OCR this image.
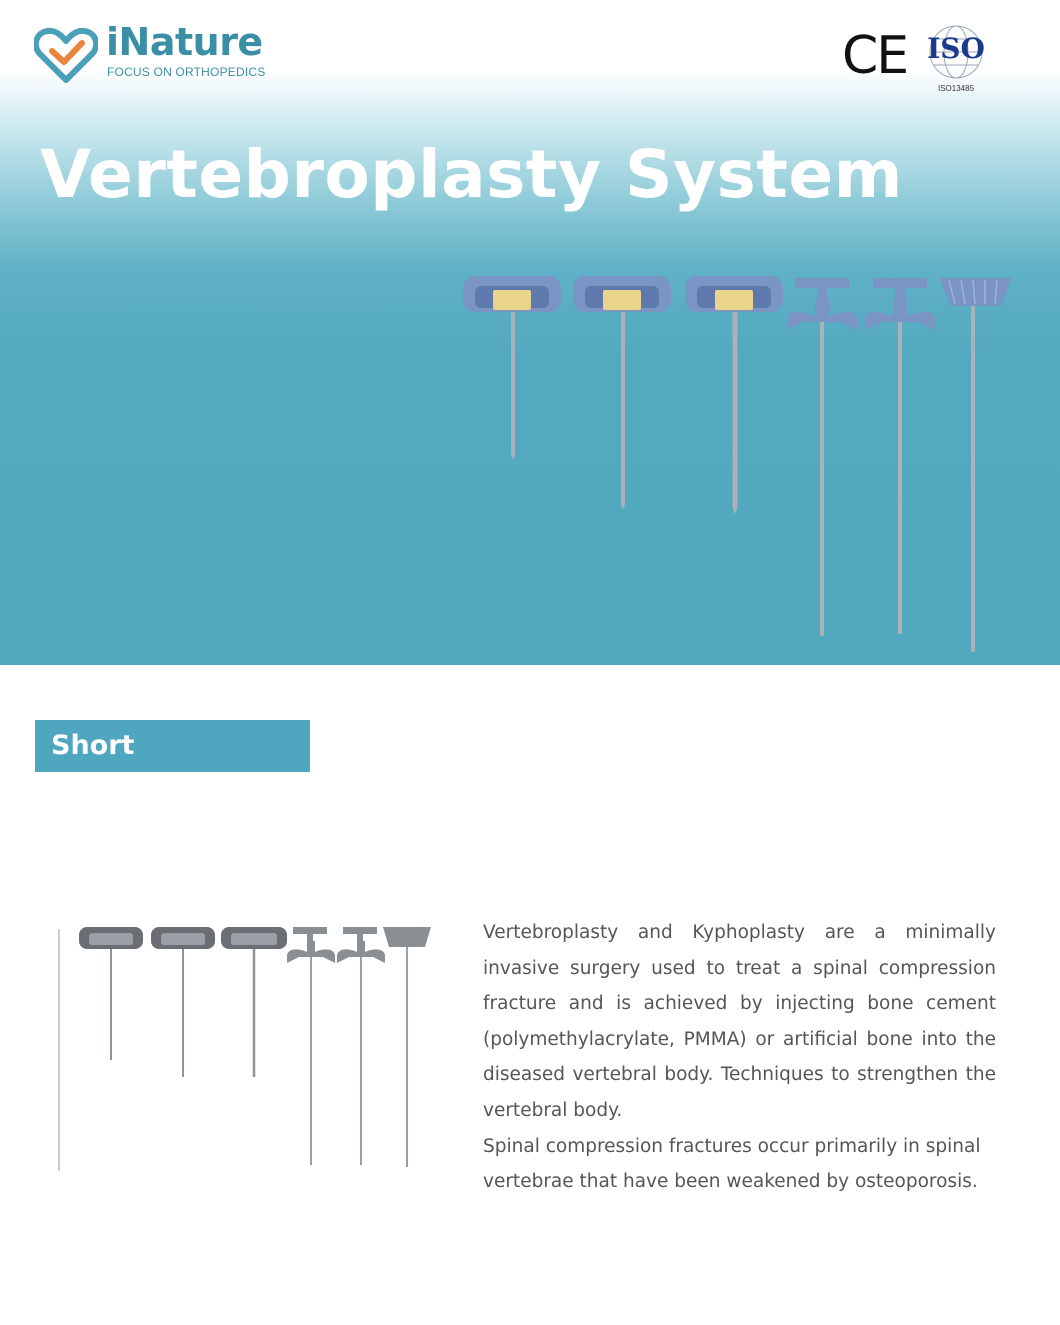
iNature
FOCUS ON ORTHOPEDICS	CE ISO
ISO13485
Vertebroplasty System
Short Description

Vertebroplasty and Kyphoplasty are a minimally invasive surgery used to treat a spinal compression fracture and is achieved by injecting bone cement (polymethylacrylate, PMMA) or artificial bone into the diseased vertebral body. Techniques to strengthen the vertebral body.

Spinal compression fractures occur primarily in spinal vertebrae that have been weakened by osteoporosis.
